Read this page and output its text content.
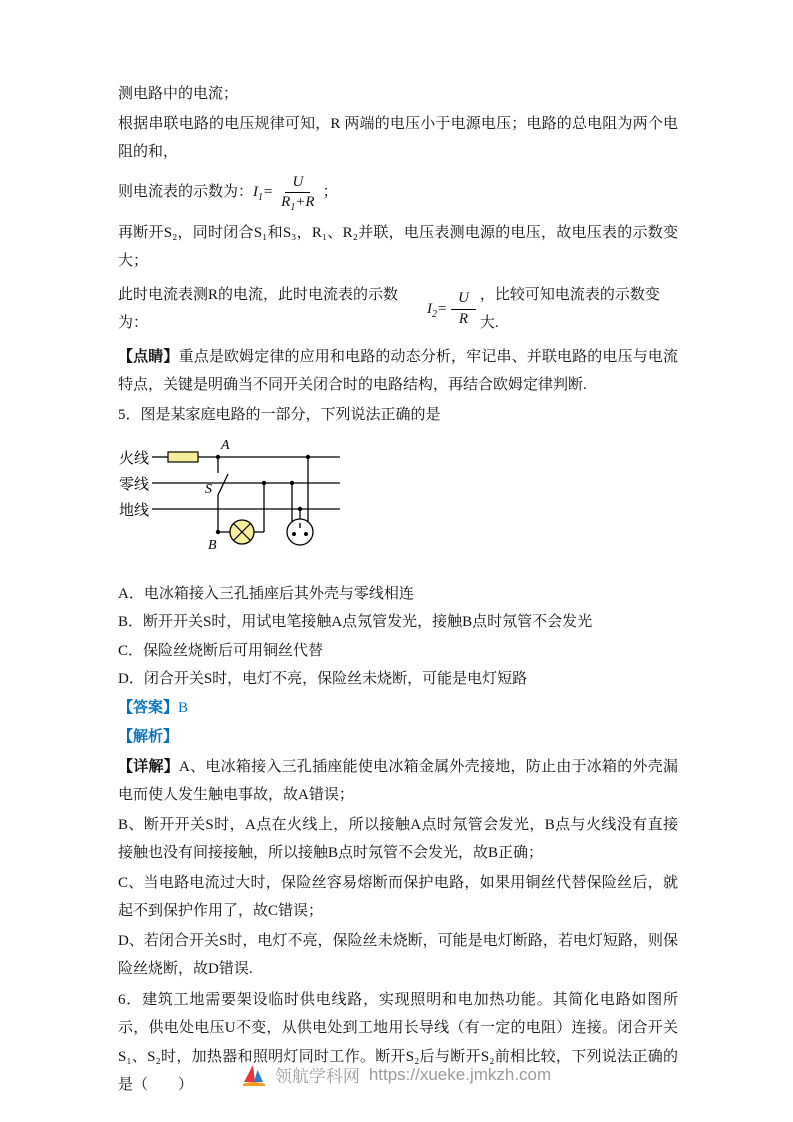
测电路中的电流；

根据串联电路的电压规律可知，R 两端的电压小于电源电压；电路的总电阻为两个电阻的和，

则电流表的示数为： $I_1 = \frac{U}{R_1+R}$ ；

再断开S₂，同时闭合S₁和S₃，R₁、R₂并联，电压表测电源的电压，故电压表的示数变大；

此时电流表测R的电流，此时电流表的示数为：
$I_2 = \frac{U}{R}$ ，比较可知电流表的示数变大.

【点睛】重点是欧姆定律的应用和电路的动态分析，牢记串、并联电路的电压与电流特点，关键是明确当不同开关闭合时的电路结构，再结合欧姆定律判断.

5．图是某家庭电路的一部分，下列说法正确的是

火线
零线
地线
A
S
B

A．电冰箱接入三孔插座后其外壳与零线相连

B．断开开关S时，用试电笔接触A点氖管发光，接触B点时氖管不会发光

C．保险丝烧断后可用铜丝代替

D．闭合开关S时，电灯不亮，保险丝未烧断，可能是电灯短路

【答案】B

【解析】

【详解】A、电冰箱接入三孔插座能使电冰箱金属外壳接地，防止由于冰箱的外壳漏电而使人发生触电事故，故A错误；

B、断开开关S时，A点在火线上，所以接触A点时氖管会发光，B点与火线没有直接接触也没有间接接触，所以接触B点时氖管不会发光，故B正确；

C、当电路电流过大时，保险丝容易熔断而保护电路，如果用铜丝代替保险丝后，就起不到保护作用了，故C错误；

D、若闭合开关S时，电灯不亮，保险丝未烧断，可能是电灯断路，若电灯短路，则保险丝烧断，故D错误.

6．建筑工地需要架设临时供电线路，实现照明和电加热功能。其简化电路如图所示，供电处电压U不变，从供电处到工地用长导线（有一定的电阻）连接。闭合开关S₁、S₂时，加热器和照明灯同时工作。断开S₂后与断开S₂前相比较，下列说法正确的是（　　）	领航学科网 https://xueke.jmkzh.com
